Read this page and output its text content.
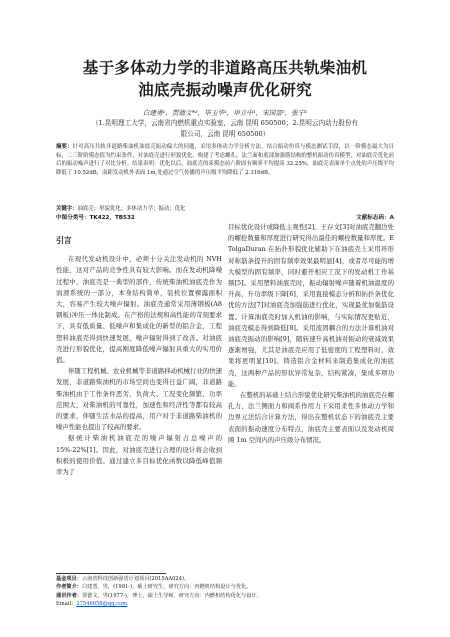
基于多体动力学的非道路高压共轨柴油机
油底壳振动噪声优化研究
白建勇¹，贾德文*²，毕玉华¹，申立中¹，宋国富²，张宁²
（1.昆明理工大学，云南省内燃机重点实验室，云南 昆明 650500；2.昆明云内动力股份有
限公司，云南 昆明 650500）
摘要：针对高压共轨非道路柴油机油底壳振动偏大的问题，采用多体动力学分析方法，结合振动仿真与模态测试手段，以一阶模态最大为目标，二三阶阶模态值为约束条件，对油底壳进行形貌优化，构建了考虑螺孔、法兰面和底部加强筋结构的整机振动仿真模型，对油底壳优化前后的振动噪声进行了对比分析。结果表明：优化以后，油底壳的束模态前六阶固有频率平均提高 32.25%，油底壳表面单个点处的声压级平均降低了 10.52dB，而距发动机外表面 1m,处通过空气传播的声压级平均降低了 2.316dB。
关键字：油底壳；形貌优化；多体动力学；振动；优化
中图分类号：TK422，TB532	文献标志码：A
引言

在现代发动机设计中，必须十分关注发动机的 NVH 性能，这对产品的竞争性具有较大影响。而在发动机降噪过程中，油底壳是一典型的部件，传统柴油机油底壳作为润滑系统的一部分，本身结构简单，装机位置裸露面积大，容易产生较大噪声辐射。油底壳通常采用薄钢板(A8 钢板)冲压一体化制成。在产格的法规和高性能的苛刻要求下，具有低质量、低噪声和集成化的新型的铝合金，工程塑料油底壳得到快速发展，噪声辐射得到了改善。对油底壳进行形貌优化，提高刚度降低噪声辐射具重大的实用价值。

伴随工程机械、农业机械等非道路移动机械行业的快速发展，非道路柴油机的市场空间也变得日益广阔，非道路柴油机由于工作条件恶劣、负荷大、工况变化频繁、功率范围大，对柴油机的可靠性，加速性和经济性等都有较高的要求，伴随生活水品的提高，用户对于非道路柴油机的噪声性能也提出了较高的要求。

据统计柴油机油底壳的噪声辐射占总噪声的 15%-22%[1]。因此，对油底壳进行合理的设计将会收到积极的使用价值。通过建立多目标优化函数以降低峰值频率为了

目标优化设计或降低主观性[2]。王存文[3]对油底壳翻边处的螺栓数量和厚度进行研究得出最佳的螺栓数量和厚度。E TolgaDuran 在拓扑形貌优化辅助下在油底壳上采用环形对称筋条提升的固有频率效果最明显[4]，或者尽可能的增大模型的固有频率，同时避开相应工况下的发动机工作基频[5]。采用塑料油底壳时，振动辐射噪声随着机油温度的升高，升功率级下降[6]，采用直接模态分析和拓扑条优化优的方法[7]对油底壳加强筋进行优化，实现最优加强筋设置。计算油底壳时加入机油的影响，与实际情况更贴近，油底壳模态得到降低[8]。采用流固耦合的方法计算机油对油底壳振动的影响[9]，随转速升高机油对振动的衰减效果逐渐增强，尤其是油底壳应用了低密度的工程塑料时，效果将更明显[10]。铸造铝合金材料来制造集成化的油底壳，这两种产品的形状异常复杂，结构紧凑，集成多项功能。

在整机的基础上结合形貌优化研究柴油机的油底壳在螺孔力、法兰侧面力和阀系作用力下采用柔性多体动力学和边界元法结合计算方法，得出在整机状态下的油底壳主要表面的振动速度分布特点，油底壳主要表面以及发动机周围 1m 空间内的声压级分布情况。

基金项目：云南省科技创新强省计划项目(2015AA024)。
作者简介：白建勇，男，(1991-)，硕士研究生，研究方向：内燃机结构设计与优化。
通讯作者：贾德文，男(1977-)，博士，硕士生导师，研究方向：内燃机结构优化与设计。
Email：27546658@qq.com
